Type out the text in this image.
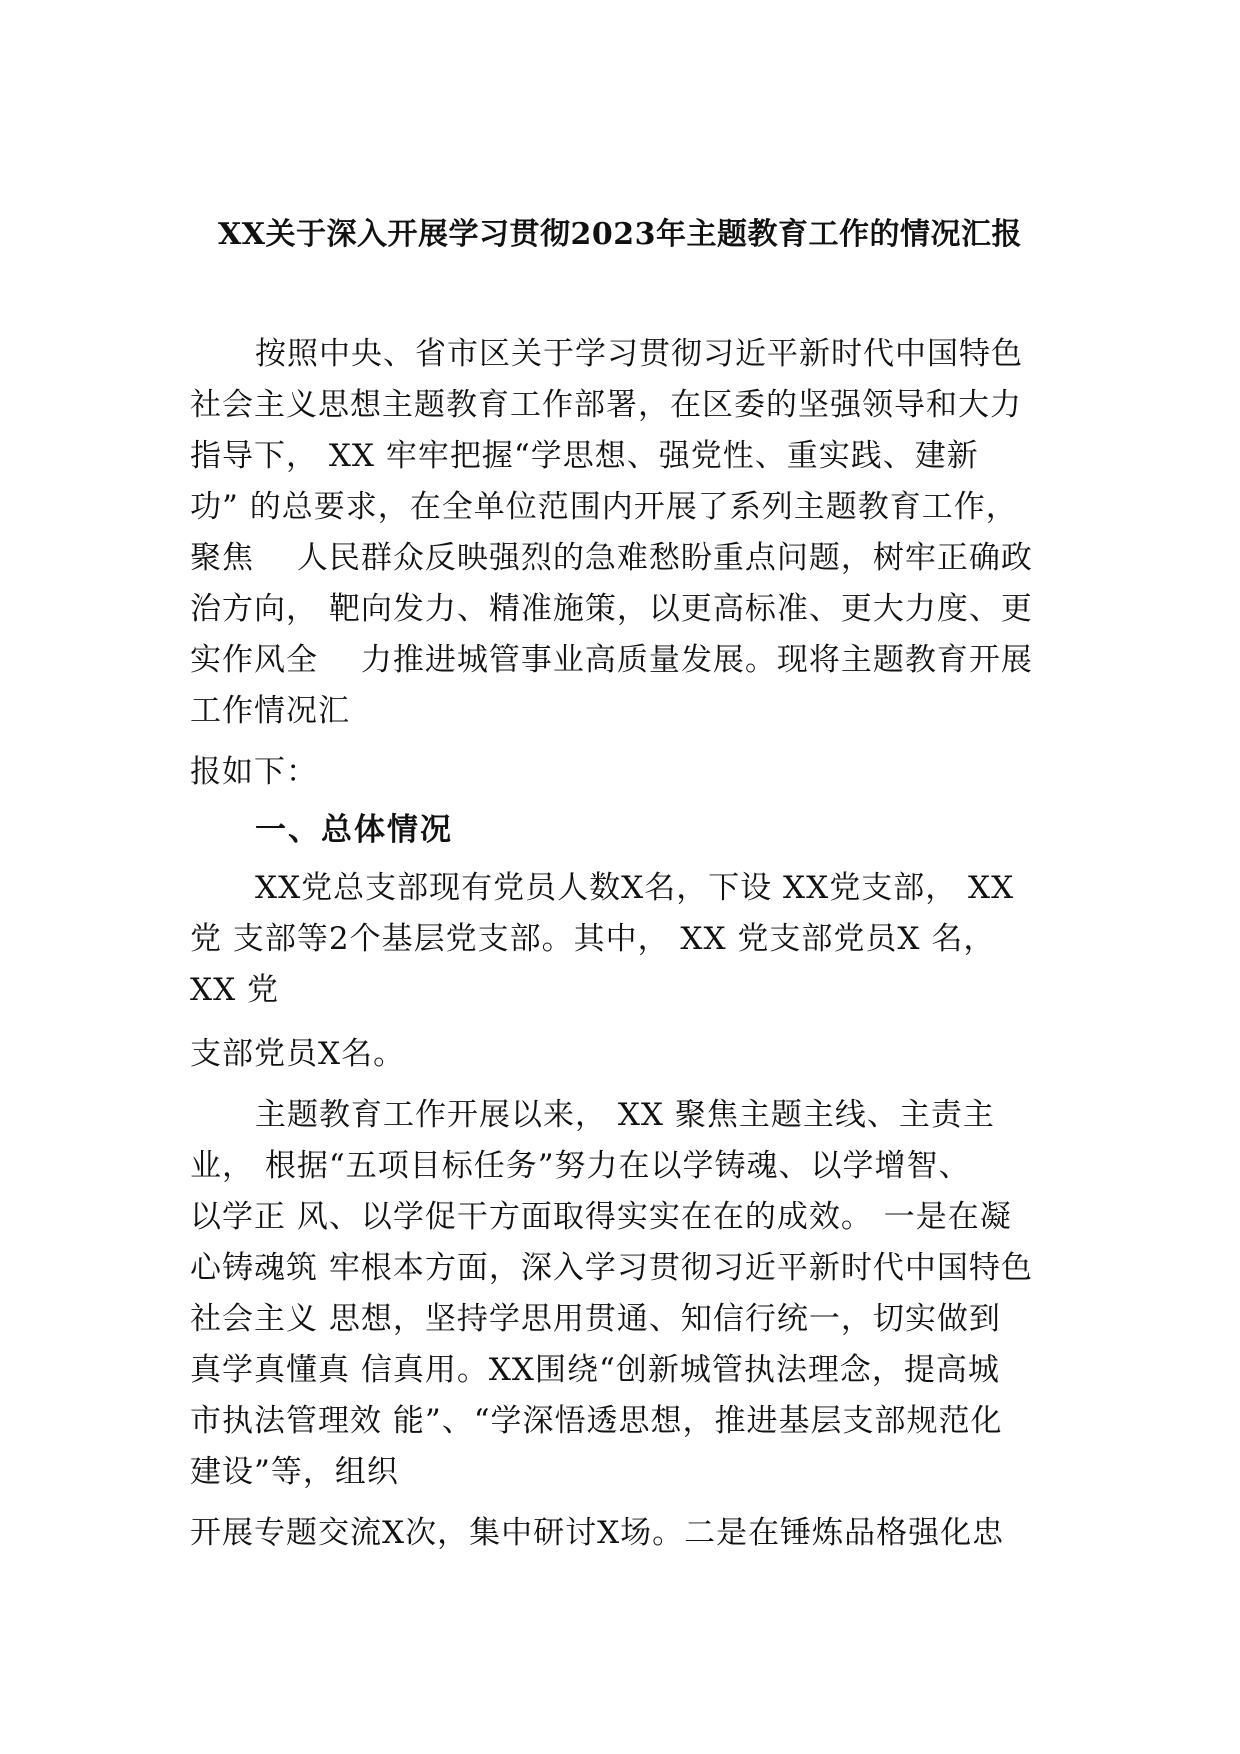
XX关于深入开展学习贯彻2023年主题教育工作的情况汇报

按照中央、省市区关于学习贯彻习近平新时代中国特色

社会主义思想主题教育工作部署，在区委的坚强领导和大力

指导下， XX 牢牢把握“学思想、强党性、重实践、建新

功” 的总要求，在全单位范围内开展了系列主题教育工作，

聚焦　 人民群众反映强烈的急难愁盼重点问题，树牢正确政

治方向， 靶向发力、精准施策，以更高标准、更大力度、更

实作风全　 力推进城管事业高质量发展。现将主题教育开展

工作情况汇

报如下：

一、总体情况

XX党总支部现有党员人数X名，下设 XX党支部， XX

党 支部等2个基层党支部。其中， XX 党支部党员X 名，

XX 党

支部党员X名。

主题教育工作开展以来， XX 聚焦主题主线、主责主

业， 根据“五项目标任务”努力在以学铸魂、以学增智、

以学正 风、以学促干方面取得实实在在的成效。 一是在凝

心铸魂筑 牢根本方面，深入学习贯彻习近平新时代中国特色

社会主义 思想，坚持学思用贯通、知信行统一，切实做到

真学真懂真 信真用。XX围绕“创新城管执法理念，提高城

市执法管理效 能”、“学深悟透思想，推进基层支部规范化

建设”等，组织

开展专题交流X次，集中研讨X场。二是在锤炼品格强化忠
